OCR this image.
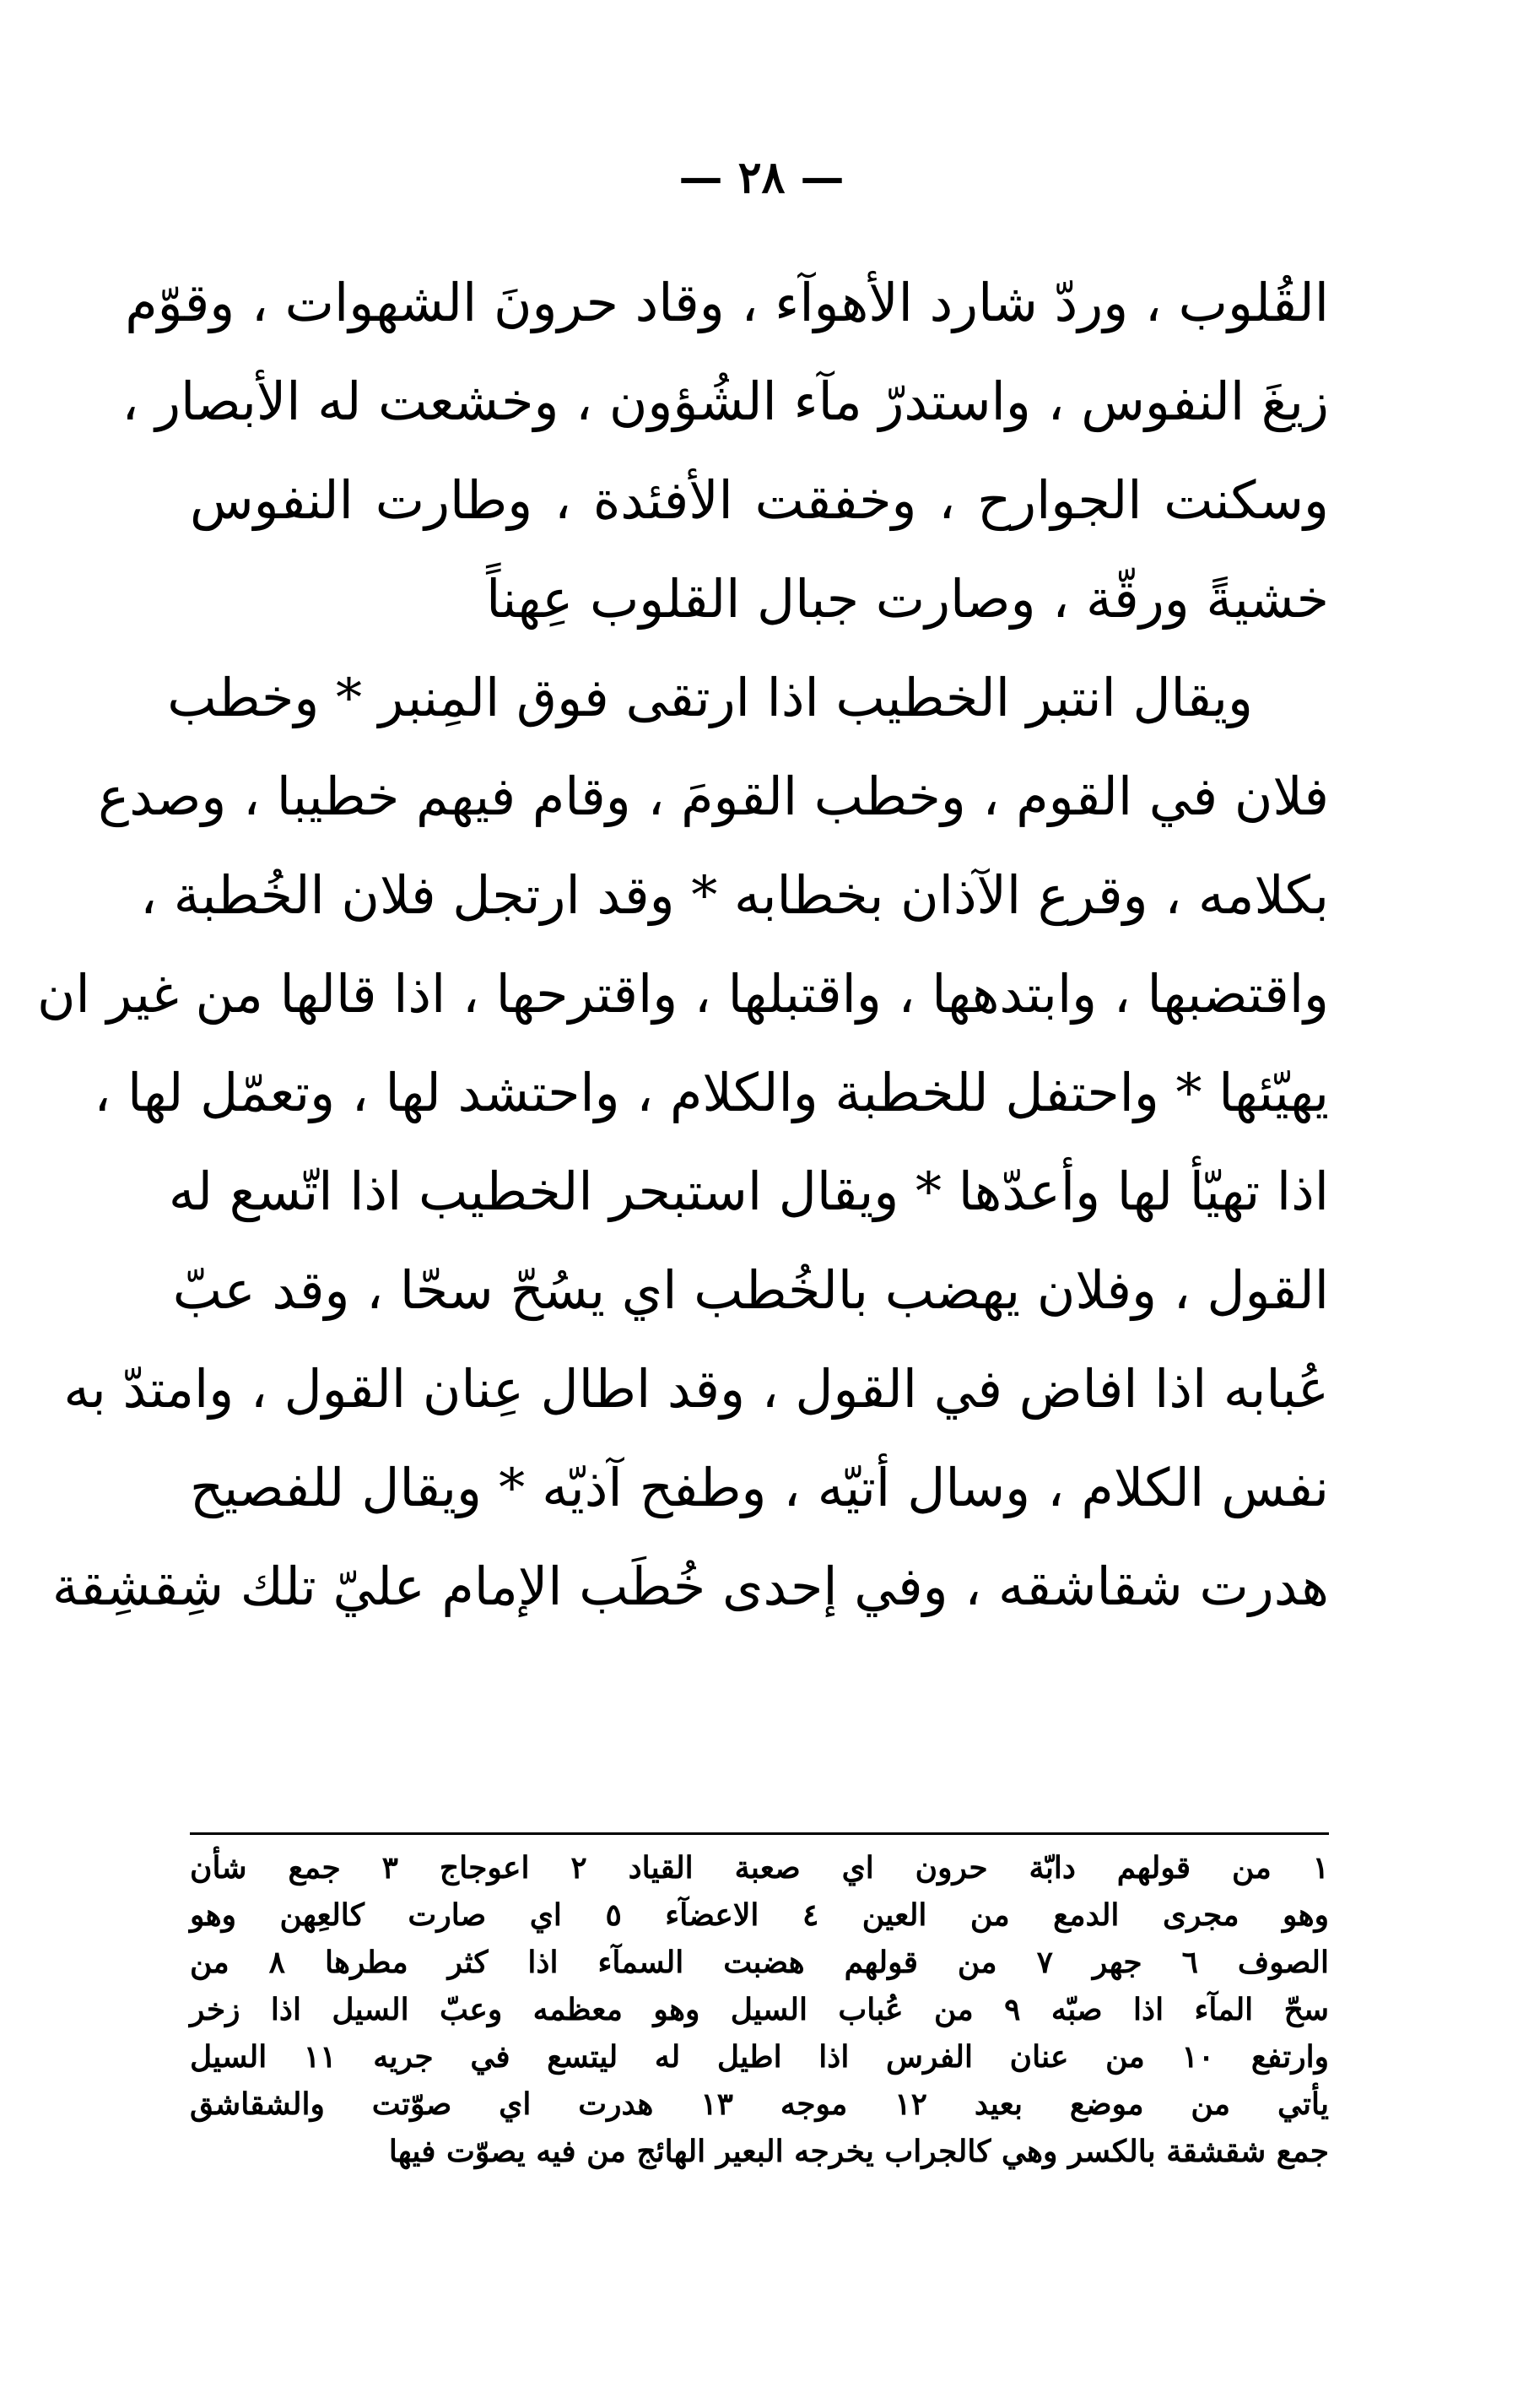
— ٢٨ —
القُلوب ، وردّ شارد الأهوآء ، وقاد حرونَ الشهوات ، وقوّم
زيغَ النفوس ، واستدرّ مآء الشُؤون ، وخشعت له الأبصار ،
وسكنت الجوارح ، وخفقت الأفئدة ، وطارت النفوس
خشيةً ورقّة ، وصارت جبال القلوب عِهناً
ويقال انتبر الخطيب اذا ارتقى فوق المِنبر * وخطب
فلان في القوم ، وخطب القومَ ، وقام فيهم خطيبا ، وصدع
بكلامه ، وقرع الآذان بخطابه * وقد ارتجل فلان الخُطبة ،
واقتضبها ، وابتدهها ، واقتبلها ، واقترحها ، اذا قالها من غير ان
يهيّئها * واحتفل للخطبة والكلام ، واحتشد لها ، وتعمّل لها ،
اذا تهيّأ لها وأعدّها * ويقال استبحر الخطيب اذا اتّسع له
القول ، وفلان يهضب بالخُطب اي يسُحّ سحّا ، وقد عبّ
عُبابه اذا افاض في القول ، وقد اطال عِنان القول ، وامتدّ به
نفس الكلام ، وسال أتيّه ، وطفح آذيّه * ويقال للفصيح
هدرت شقاشقه ، وفي إحدى خُطَب الإمام عليّ تلك شِقشِقة
١ من قولهم دابّة حرون اي صعبة القياد ٢ اعوجاج ٣ جمع شأن
وهو مجرى الدمع من العين ٤ الاعضآء ٥ اي صارت كالعِهن وهو
الصوف ٦ جهر ٧ من قولهم هضبت السمآء اذا كثر مطرها ٨ من
سحّ المآء اذا صبّه ٩ من عُباب السيل وهو معظمه وعبّ السيل اذا زخر
وارتفع ١٠ من عنان الفرس اذا اطيل له ليتسع في جريه ١١ السيل
يأتي من موضع بعيد ١٢ موجه ١٣ هدرت اي صوّتت والشقاشق
جمع شقشقة بالكسر وهي كالجراب يخرجه البعير الهائج من فيه يصوّت فيها
